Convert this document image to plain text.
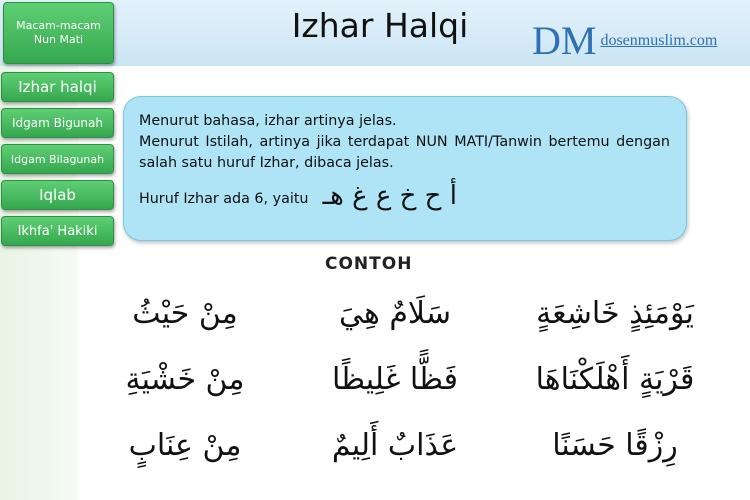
Macam-macam
Nun Mati
Izhar halqi
Idgam Bigunah
Idgam Bilagunah
Iqlab
Ikhfa' Hakiki
Izhar Halqi	DM dosenmuslim.com

Menurut bahasa, izhar artinya jelas.

Menurut Istilah, artinya jika terdapat NUN MATI/Tanwin bertemu dengan salah satu huruf Izhar, dibaca jelas.

Huruf Izhar ada 6, yaitu أ ح خ ع غ هـ
CONTOH
يَوْمَئِذٍ خَاشِعَةٍ
سَلَامٌ هِيَ
مِنْ حَيْثُ
قَرْيَةٍ أَهْلَكْنَاهَا
فَظًّا غَلِيظًا
مِنْ خَشْيَةِ
رِزْقًا حَسَنًا
عَذَابٌ أَلِيمٌ
مِنْ عِنَابٍ
